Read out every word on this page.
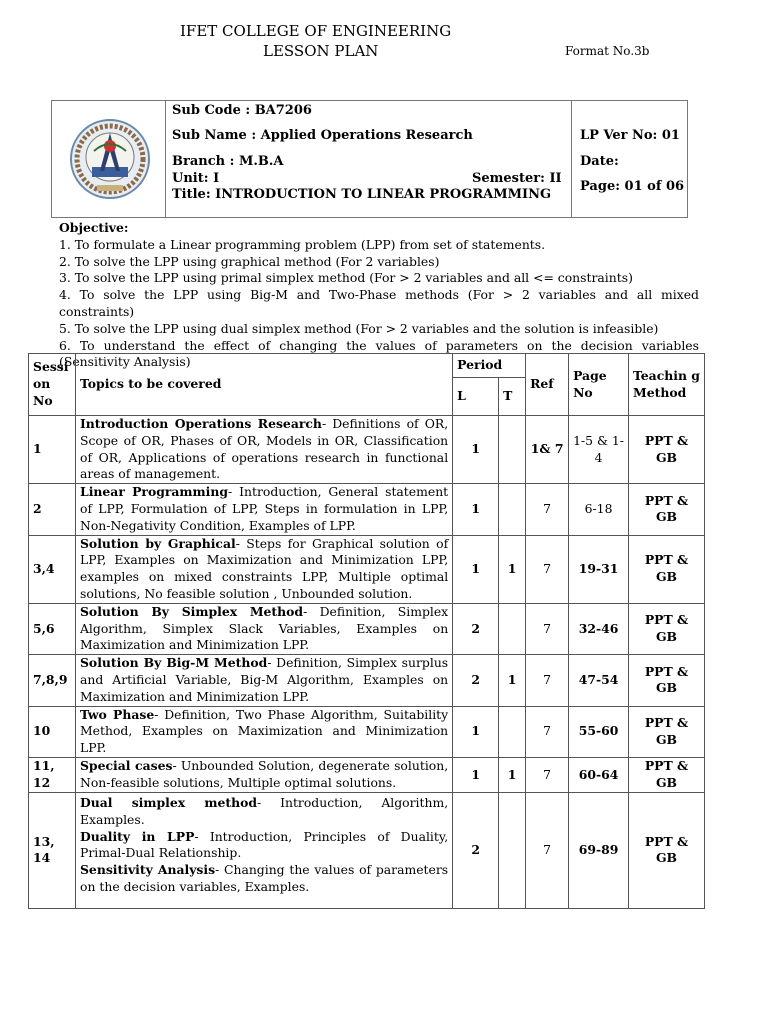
IFET COLLEGE OF ENGINEERING
LESSON PLAN	Format No.3b
Sub Code : BA7206
Sub Name : Applied Operations Research
Branch : M.B.A
Unit: I	Semester: II
Title: INTRODUCTION TO LINEAR PROGRAMMING
LP Ver No: 01
Date:
Page: 01 of 06
Objective:
1. To formulate a Linear programming problem (LPP) from set of statements.
2. To solve the LPP using graphical method (For 2 variables)
3. To solve the LPP using primal simplex method (For > 2 variables and all <= constraints)
4. To solve the LPP using Big-M and Two-Phase methods (For > 2 variables and all mixed constraints)
5. To solve the LPP using dual simplex method (For > 2 variables and the solution is infeasible)
6. To understand the effect of changing the values of parameters on the decision variables (Sensitivity Analysis)
Sessi on No	Topics to be covered	Period		Ref	Page No	Teachin g Method
		L	T			
1	Introduction Operations Research- Definitions of OR, Scope of OR, Phases of OR, Models in OR, Classification of OR, Applications of operations research in functional areas of management.	1		1& 7	1-5 & 1-4	PPT & GB
2	Linear Programming- Introduction, General statement of LPP, Formulation of LPP, Steps in formulation in LPP, Non-Negativity Condition, Examples of LPP.	1		7	6-18	PPT & GB
3,4	Solution by Graphical- Steps for Graphical solution of LPP, Examples on Maximization and Minimization LPP, examples on mixed constraints LPP, Multiple optimal solutions, No feasible solution , Unbounded solution.	1	1	7	19-31	PPT & GB
5,6	Solution By Simplex Method- Definition, Simplex Algorithm, Simplex Slack Variables, Examples on Maximization and Minimization LPP.	2		7	32-46	PPT & GB
7,8,9	Solution By Big-M Method- Definition, Simplex surplus and Artificial Variable, Big-M Algorithm, Examples on Maximization and Minimization LPP.	2	1	7	47-54	PPT & GB
10	Two Phase- Definition, Two Phase Algorithm, Suitability Method, Examples on Maximization and Minimization LPP.	1		7	55-60	PPT & GB
11, 12	Special cases- Unbounded Solution, degenerate solution, Non-feasible solutions, Multiple optimal solutions.	1	1	7	60-64	PPT & GB
13, 14	Dual simplex method- Introduction, Algorithm, Examples.

Duality in LPP- Introduction, Principles of Duality, Primal-Dual Relationship.

Sensitivity Analysis- Changing the values of parameters on the decision variables, Examples.	2		7	69-89	PPT & GB
